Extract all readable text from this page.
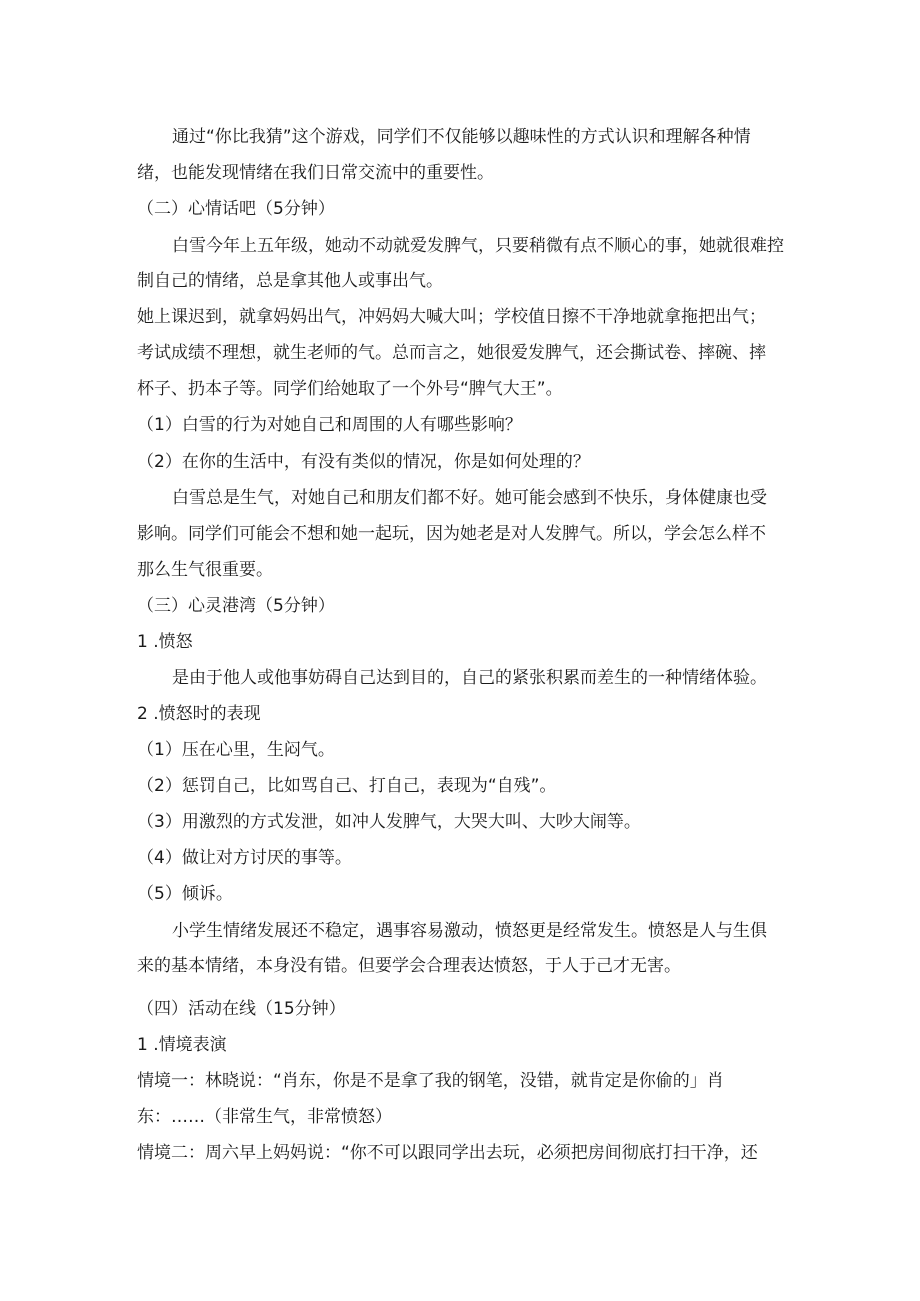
通过“你比我猜”这个游戏，同学们不仅能够以趣味性的方式认识和理解各种情
绪，也能发现情绪在我们日常交流中的重要性。
（二）心情话吧（5分钟）
白雪今年上五年级，她动不动就爱发脾气，只要稍微有点不顺心的事，她就很难控
制自己的情绪，总是拿其他人或事出气。
她上课迟到，就拿妈妈出气，冲妈妈大喊大叫；学校值日擦不干净地就拿拖把出气；
考试成绩不理想，就生老师的气。总而言之，她很爱发脾气，还会撕试卷、摔碗、摔
杯子、扔本子等。同学们给她取了一个外号“脾气大王”。
（1）白雪的行为对她自己和周围的人有哪些影响？
（2）在你的生活中，有没有类似的情况，你是如何处理的？
白雪总是生气，对她自己和朋友们都不好。她可能会感到不快乐，身体健康也受
影响。同学们可能会不想和她一起玩，因为她老是对人发脾气。所以，学会怎么样不
那么生气很重要。
（三）心灵港湾（5分钟）
1 .愤怒
是由于他人或他事妨碍自己达到目的，自己的紧张积累而差生的一种情绪体验。
2 .愤怒时的表现
（1）压在心里，生闷气。
（2）惩罚自己，比如骂自己、打自己，表现为“自残”。
（3）用激烈的方式发泄，如冲人发脾气，大哭大叫、大吵大闹等。
（4）做让对方讨厌的事等。
（5）倾诉。
小学生情绪发展还不稳定，遇事容易激动，愤怒更是经常发生。愤怒是人与生俱
来的基本情绪，本身没有错。但要学会合理表达愤怒，于人于己才无害。
（四）活动在线（15分钟）
1 .情境表演
情境一：林晓说：“肖东，你是不是拿了我的钢笔，没错，就肯定是你偷的」肖
东：……（非常生气，非常愤怒）
情境二：周六早上妈妈说：“你不可以跟同学出去玩，必须把房间彻底打扫干净，还
